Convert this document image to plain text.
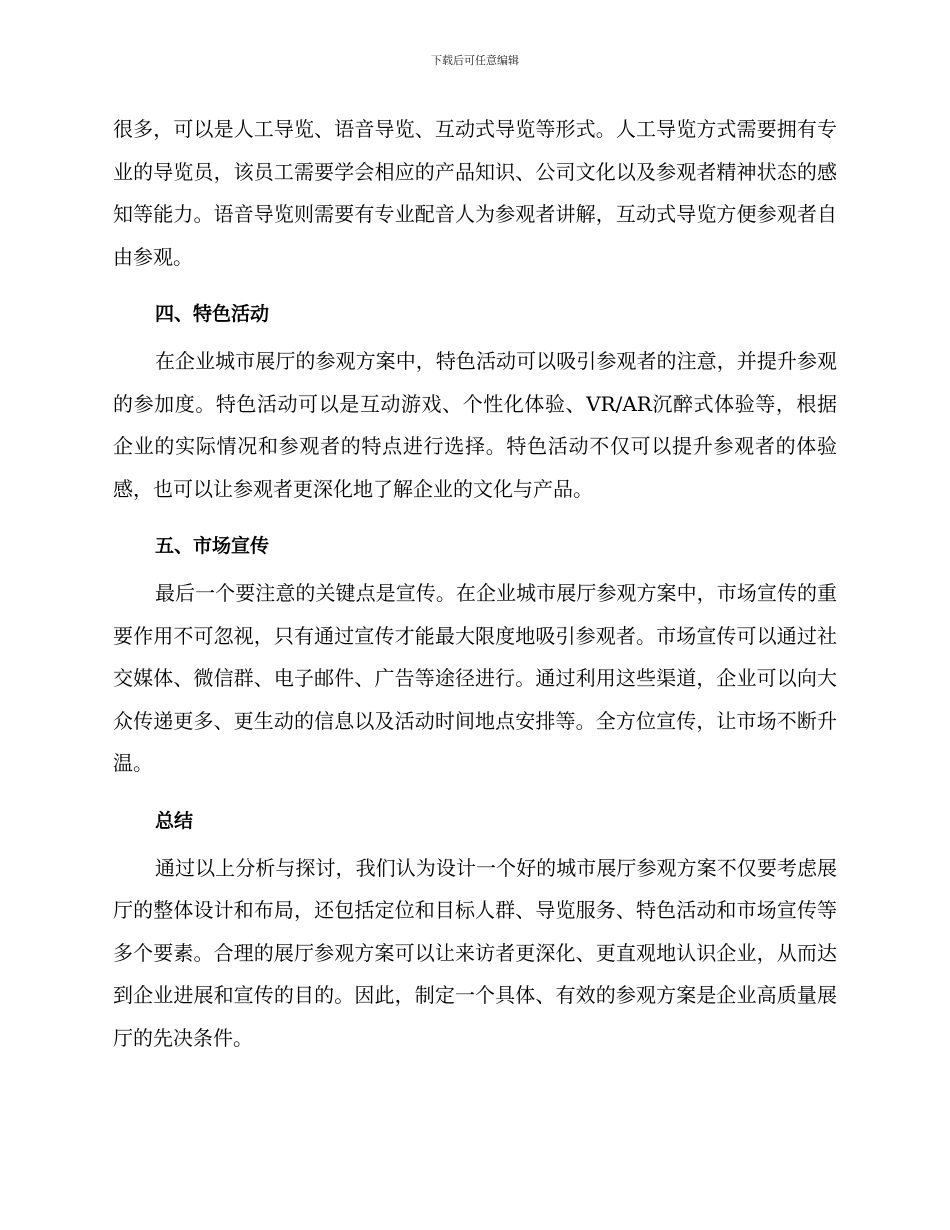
下载后可任意编辑

很多，可以是人工导览、语音导览、互动式导览等形式。人工导览方式需要拥有专业的导览员，该员工需要学会相应的产品知识、公司文化以及参观者精神状态的感知等能力。语音导览则需要有专业配音人为参观者讲解，互动式导览方便参观者自由参观。

四、特色活动

在企业城市展厅的参观方案中，特色活动可以吸引参观者的注意，并提升参观的参加度。特色活动可以是互动游戏、个性化体验、VR/AR沉醉式体验等，根据企业的实际情况和参观者的特点进行选择。特色活动不仅可以提升参观者的体验感，也可以让参观者更深化地了解企业的文化与产品。

五、市场宣传

最后一个要注意的关键点是宣传。在企业城市展厅参观方案中，市场宣传的重要作用不可忽视，只有通过宣传才能最大限度地吸引参观者。市场宣传可以通过社交媒体、微信群、电子邮件、广告等途径进行。通过利用这些渠道，企业可以向大众传递更多、更生动的信息以及活动时间地点安排等。全方位宣传，让市场不断升温。

总结

通过以上分析与探讨，我们认为设计一个好的城市展厅参观方案不仅要考虑展厅的整体设计和布局，还包括定位和目标人群、导览服务、特色活动和市场宣传等多个要素。合理的展厅参观方案可以让来访者更深化、更直观地认识企业，从而达到企业进展和宣传的目的。因此，制定一个具体、有效的参观方案是企业高质量展厅的先决条件。
